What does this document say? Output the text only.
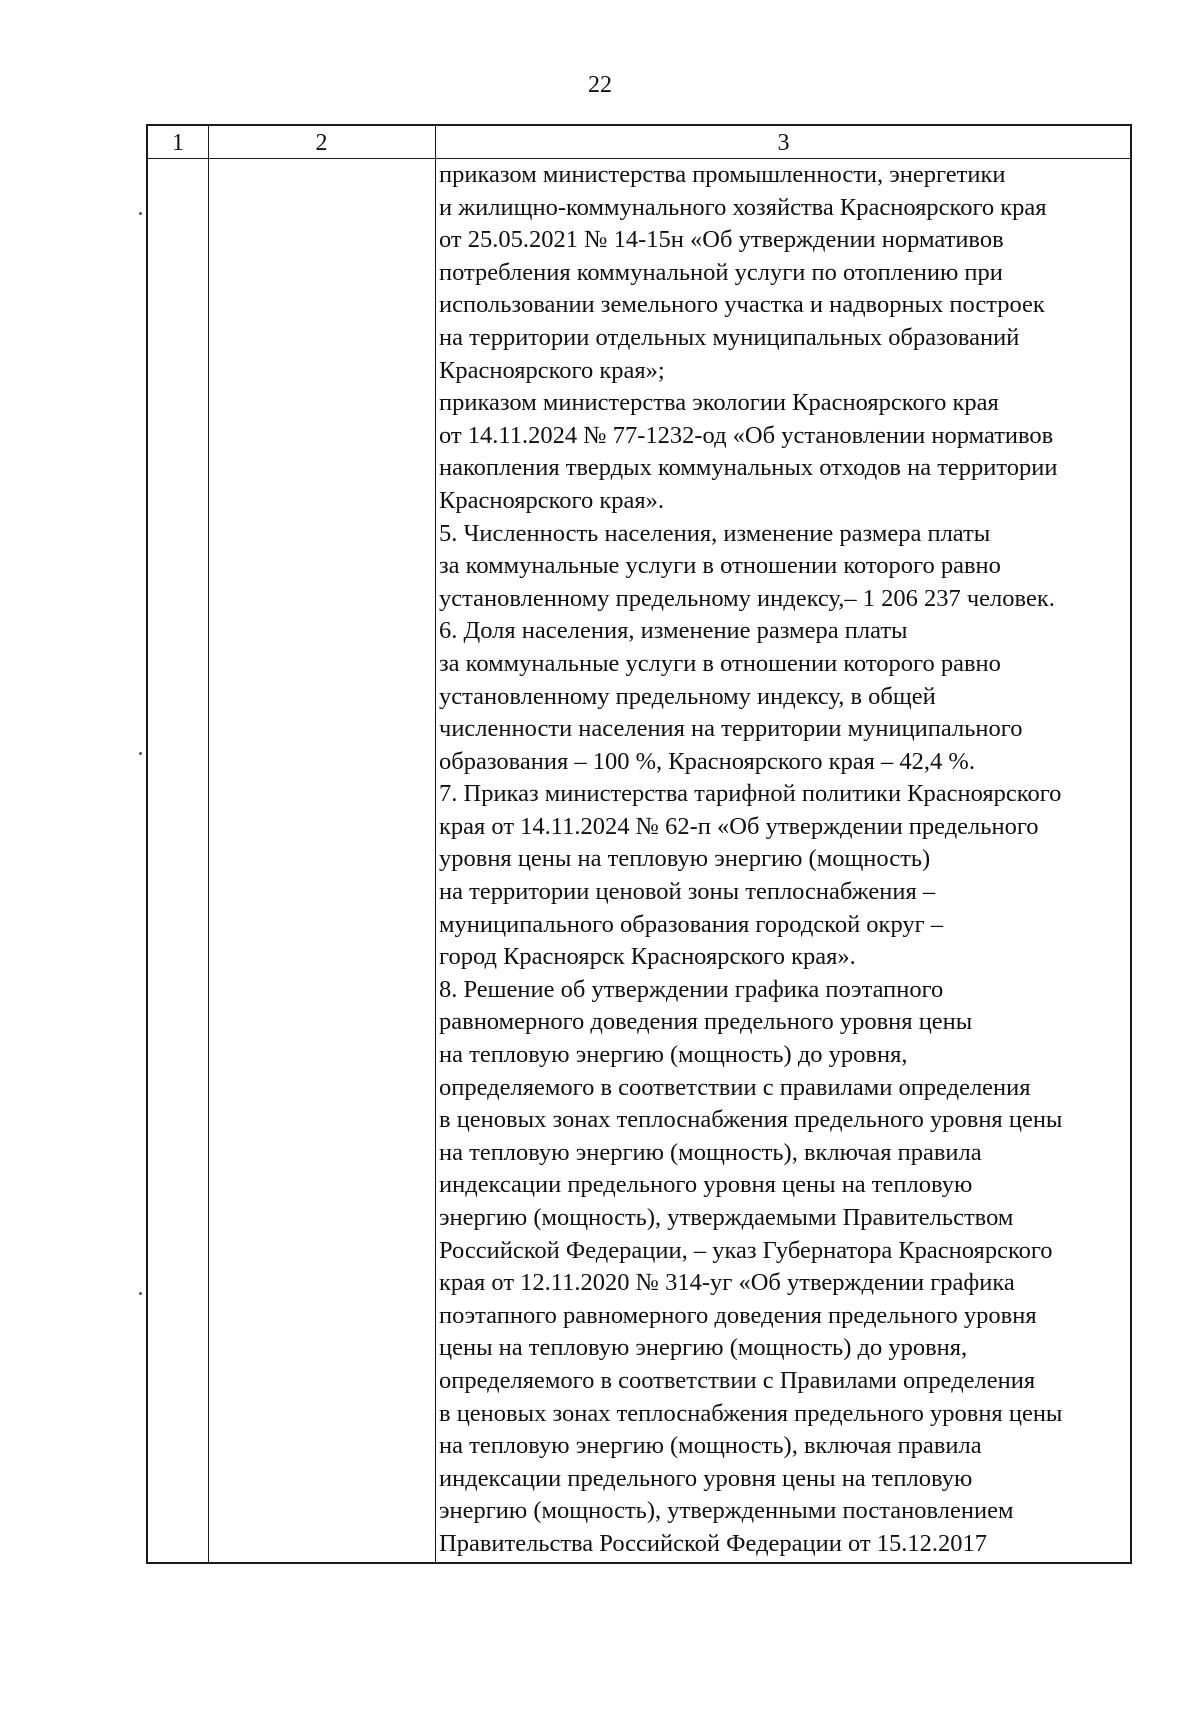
22
1	2	3
приказом министерства промышленности, энергетики
и жилищно-коммунального хозяйства Красноярского края
от 25.05.2021 № 14-15н «Об утверждении нормативов
потребления коммунальной услуги по отоплению при
использовании земельного участка и надворных построек
на территории отдельных муниципальных образований
Красноярского края»;
приказом министерства экологии Красноярского края
от 14.11.2024 № 77-1232-од «Об установлении нормативов
накопления твердых коммунальных отходов на территории
Красноярского края».
5. Численность населения, изменение размера платы
за коммунальные услуги в отношении которого равно
установленному предельному индексу,– 1 206 237 человек.
6. Доля населения, изменение размера платы
за коммунальные услуги в отношении которого равно
установленному предельному индексу, в общей
численности населения на территории муниципального
образования – 100 %, Красноярского края – 42,4 %.
7. Приказ министерства тарифной политики Красноярского
края от 14.11.2024 № 62-п «Об утверждении предельного
уровня цены на тепловую энергию (мощность)
на территории ценовой зоны теплоснабжения –
муниципального образования городской округ –
город Красноярск Красноярского края».
8. Решение об утверждении графика поэтапного
равномерного доведения предельного уровня цены
на тепловую энергию (мощность) до уровня,
определяемого в соответствии с правилами определения
в ценовых зонах теплоснабжения предельного уровня цены
на тепловую энергию (мощность), включая правила
индексации предельного уровня цены на тепловую
энергию (мощность), утверждаемыми Правительством
Российской Федерации, – указ Губернатора Красноярского
края от 12.11.2020 № 314-уг «Об утверждении графика
поэтапного равномерного доведения предельного уровня
цены на тепловую энергию (мощность) до уровня,
определяемого в соответствии с Правилами определения
в ценовых зонах теплоснабжения предельного уровня цены
на тепловую энергию (мощность), включая правила
индексации предельного уровня цены на тепловую
энергию (мощность), утвержденными постановлением
Правительства Российской Федерации от 15.12.2017
